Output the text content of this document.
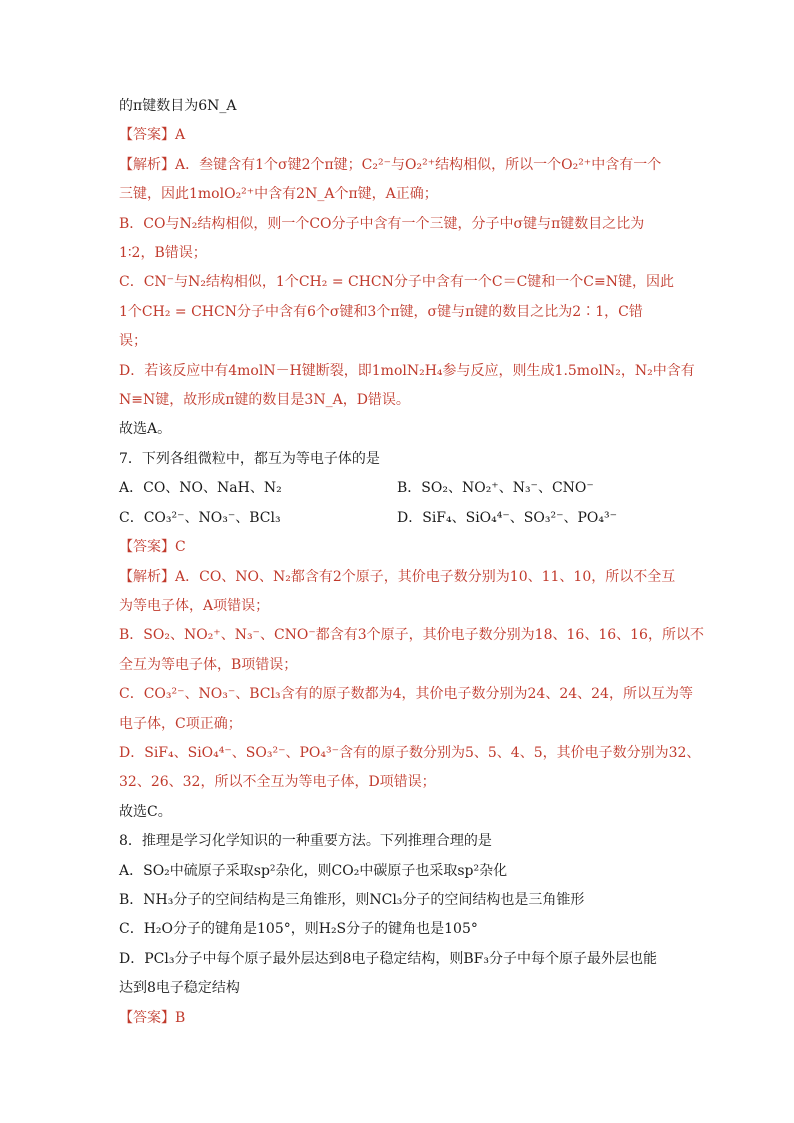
的π键数目为6N_A
【答案】A
【解析】A．叁键含有1个σ键2个π键；C₂²⁻与O₂²⁺结构相似，所以一个O₂²⁺中含有一个
三键，因此1molO₂²⁺中含有2N_A个π键，A正确；
B．CO与N₂结构相似，则一个CO分子中含有一个三键，分子中σ键与π键数目之比为
1∶2，B错误；
C．CN⁻与N₂结构相似，1个CH₂ = CHCN分子中含有一个C＝C键和一个C≡N键，因此
1个CH₂ = CHCN分子中含有6个σ键和3个π键，σ键与π键的数目之比为2∶1，C错
误；
D．若该反应中有4molN－H键断裂，即1molN₂H₄参与反应，则生成1.5molN₂，N₂中含有
N≡N键，故形成π键的数目是3N_A，D错误。
故选A。
7．下列各组微粒中，都互为等电子体的是
A．CO、NO、NaH、N₂	B．SO₂、NO₂⁺、N₃⁻、CNO⁻
C．CO₃²⁻、NO₃⁻、BCl₃	D．SiF₄、SiO₄⁴⁻、SO₃²⁻、PO₄³⁻
【答案】C
【解析】A．CO、NO、N₂都含有2个原子，其价电子数分别为10、11、10，所以不全互
为等电子体，A项错误；
B．SO₂、NO₂⁺、N₃⁻、CNO⁻都含有3个原子，其价电子数分别为18、16、16、16，所以不
全互为等电子体，B项错误；
C．CO₃²⁻、NO₃⁻、BCl₃含有的原子数都为4，其价电子数分别为24、24、24，所以互为等
电子体，C项正确；
D．SiF₄、SiO₄⁴⁻、SO₃²⁻、PO₄³⁻含有的原子数分别为5、5、4、5，其价电子数分别为32、
32、26、32，所以不全互为等电子体，D项错误；
故选C。
8．推理是学习化学知识的一种重要方法。下列推理合理的是
A．SO₂中硫原子采取sp²杂化，则CO₂中碳原子也采取sp²杂化
B．NH₃分子的空间结构是三角锥形，则NCl₃分子的空间结构也是三角锥形
C．H₂O分子的键角是105°，则H₂S分子的键角也是105°
D．PCl₃分子中每个原子最外层达到8电子稳定结构，则BF₃分子中每个原子最外层也能
达到8电子稳定结构
【答案】B
